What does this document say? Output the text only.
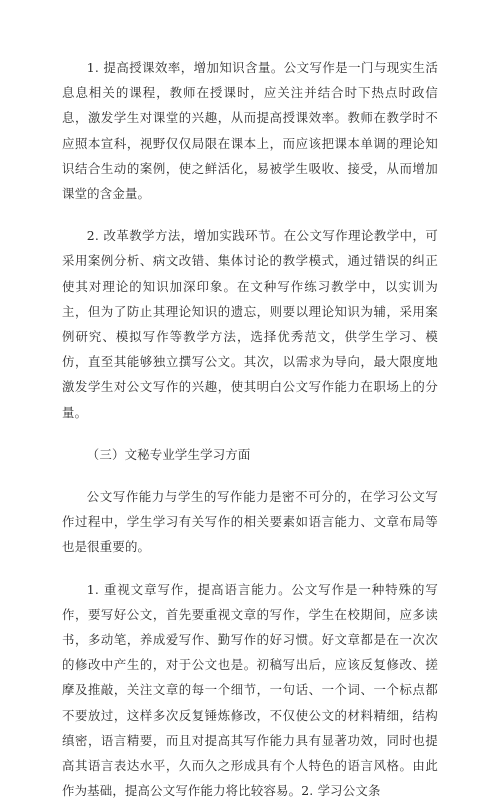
1. 提高授课效率，增加知识含量。公文写作是一门与现实生活息息相关的课程，教师在授课时，应关注并结合时下热点时政信息，激发学生对课堂的兴趣，从而提高授课效率。教师在教学时不应照本宣科，视野仅仅局限在课本上，而应该把课本单调的理论知识结合生动的案例，使之鲜活化，易被学生吸收、接受，从而增加课堂的含金量。

2. 改革教学方法，增加实践环节。在公文写作理论教学中，可采用案例分析、病文改错、集体讨论的教学模式，通过错误的纠正使其对理论的知识加深印象。在文种写作练习教学中，以实训为主，但为了防止其理论知识的遗忘，则要以理论知识为辅，采用案例研究、模拟写作等教学方法，选择优秀范文，供学生学习、模仿，直至其能够独立撰写公文。其次，以需求为导向，最大限度地激发学生对公文写作的兴趣，使其明白公文写作能力在职场上的分量。

（三）文秘专业学生学习方面

公文写作能力与学生的写作能力是密不可分的，在学习公文写作过程中，学生学习有关写作的相关要素如语言能力、文章布局等也是很重要的。

1. 重视文章写作，提高语言能力。公文写作是一种特殊的写作，要写好公文，首先要重视文章的写作，学生在校期间，应多读书，多动笔，养成爱写作、勤写作的好习惯。好文章都是在一次次的修改中产生的，对于公文也是。初稿写出后，应该反复修改、搓摩及推敲，关注文章的每一个细节，一句话、一个词、一个标点都不要放过，这样多次反复锤炼修改，不仅使公文的材料精细，结构缜密，语言精要，而且对提高其写作能力具有显著功效，同时也提高其语言表达水平，久而久之形成具有个人特色的语言风格。由此作为基础，提高公文写作能力将比较容易。2. 学习公文条
